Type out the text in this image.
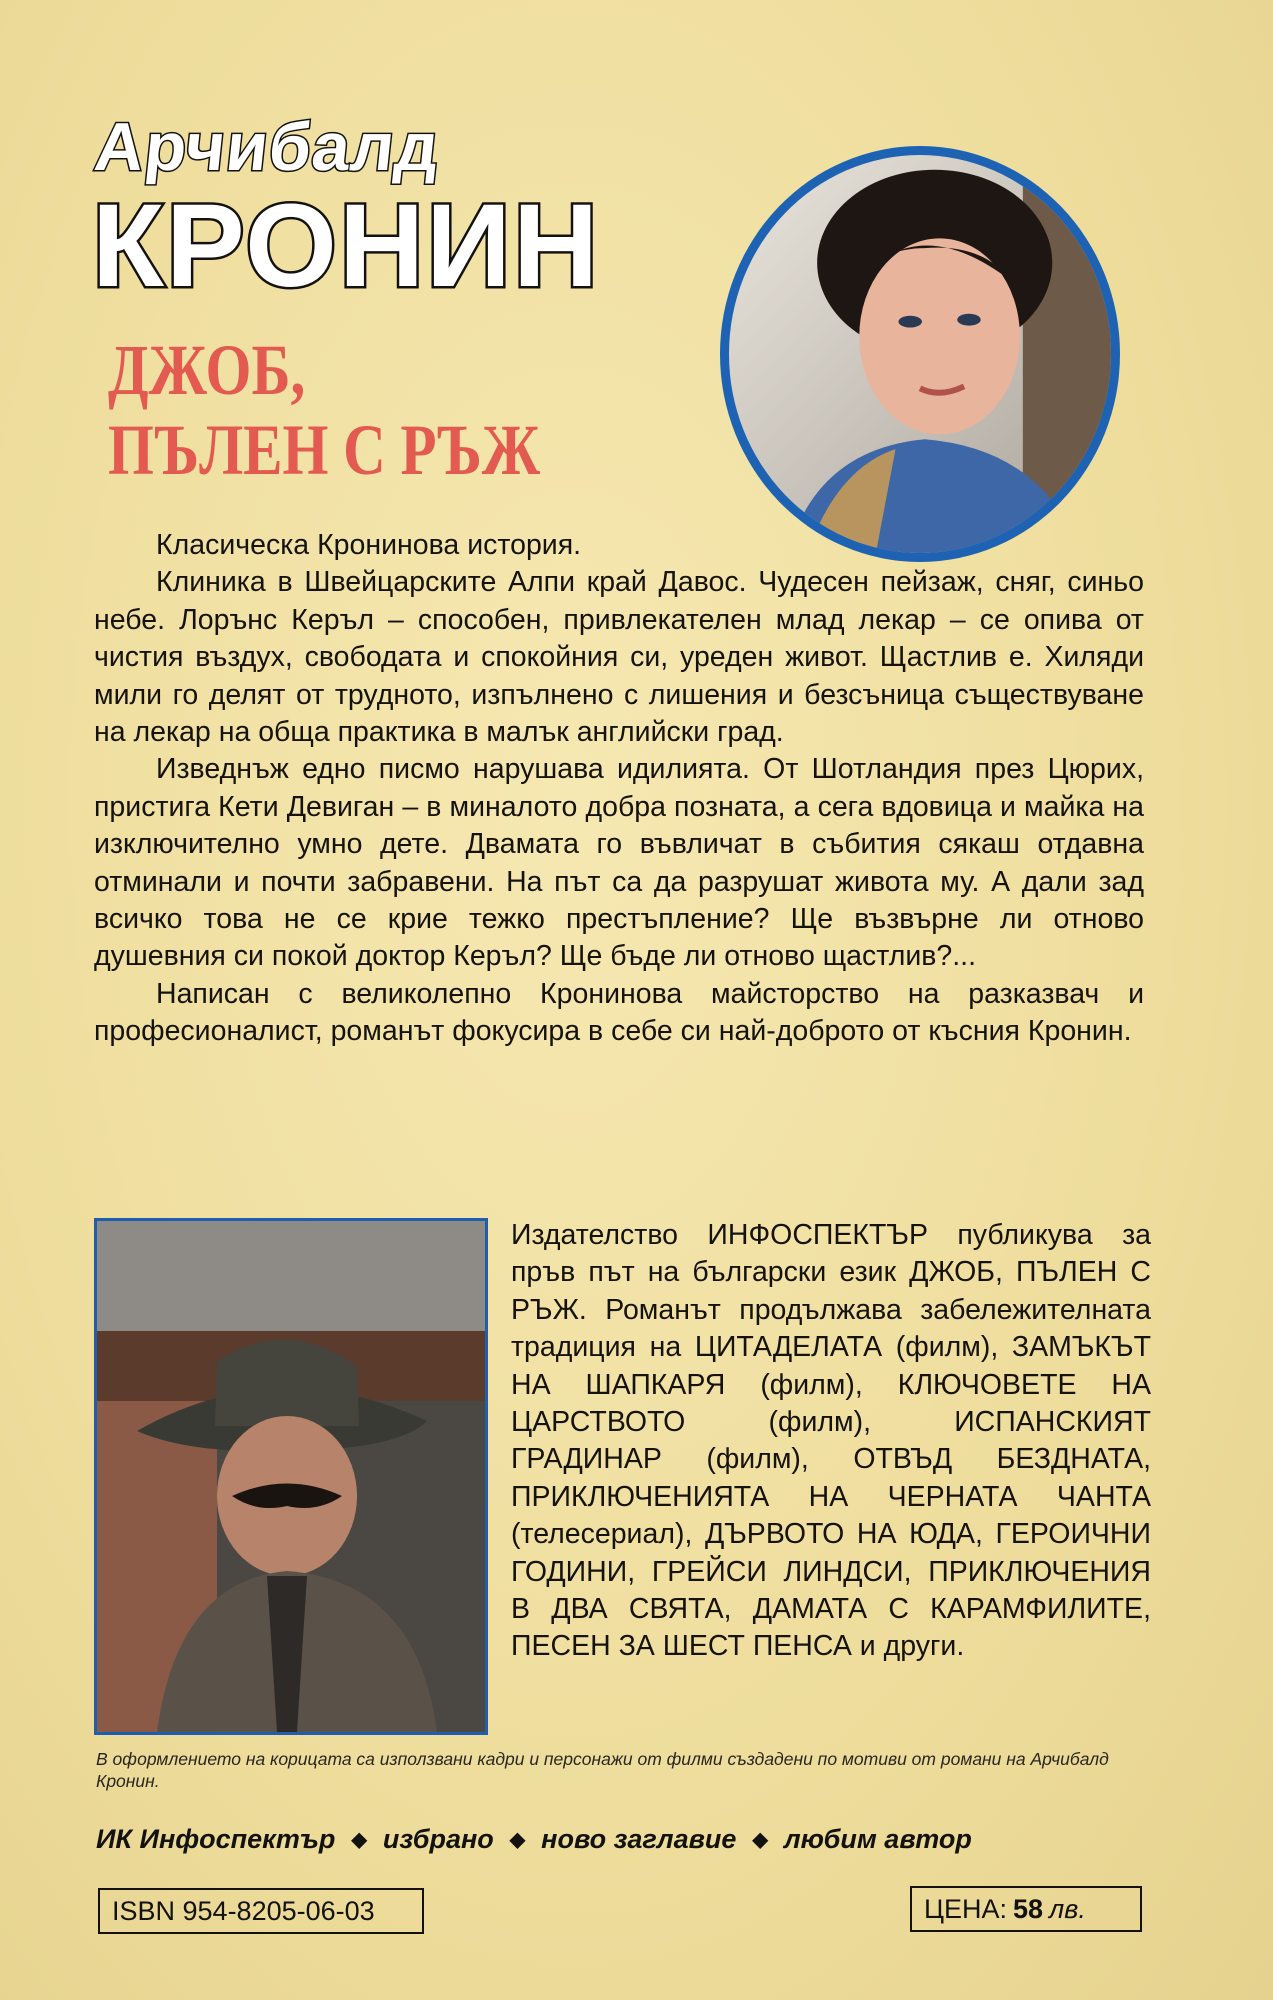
Арчибалд
КРОНИН
ДЖОБ,
ПЪЛЕН С РЪЖ

Класическа Кронинова история.

Клиника в Швейцарските Алпи край Давос. Чудесен пейзаж, сняг, синьо небе. Лорънс Керъл – способен, привлекателен млад лекар – се опива от чистия въздух, свободата и спокойния си, уреден живот. Щастлив е. Хиляди мили го делят от трудното, изпълнено с лишения и безсъница съществуване на лекар на обща практика в малък английски град.

Изведнъж едно писмо нарушава идилията. От Шотландия през Цюрих, пристига Кети Девиган – в миналото добра позната, а сега вдовица и майка на изключително умно дете. Двамата го въвличат в събития сякаш отдавна отминали и почти забравени. На път са да разрушат живота му. А дали зад всичко това не се крие тежко престъпление? Ще възвърне ли отново душевния си покой доктор Керъл? Ще бъде ли отново щастлив?...

Написан с великолепно Кронинова майсторство на разказвач и професионалист, романът фокусира в себе си най-доброто от късния Кронин.

Издателство ИНФОСПЕКТЪР публикува за пръв път на български език ДЖОБ, ПЪЛЕН С РЪЖ. Романът продължава забележителната традиция на ЦИТАДЕЛАТА (филм), ЗАМЪКЪТ НА ШАПКАРЯ (филм), КЛЮЧОВЕТЕ НА ЦАРСТВОТО (филм), ИСПАНСКИЯТ ГРАДИНАР (филм), ОТВЪД БЕЗДНАТА, ПРИКЛЮЧЕНИЯТА НА ЧЕРНАТА ЧАНТА (телесериал), ДЪРВОТО НА ЮДА, ГЕРОИЧНИ ГОДИНИ, ГРЕЙСИ ЛИНДСИ, ПРИКЛЮЧЕНИЯ В ДВА СВЯТА, ДАМАТА С КАРАМФИЛИТЕ, ПЕСЕН ЗА ШЕСТ ПЕНСА и други.

В оформлението на корицата са използвани кадри и персонажи от филми създадени по мотиви от романи на Арчибалд Кронин.
ИК Инфоспектър ◆ избрано ◆ ново заглавие ◆ любим автор
ISBN 954-8205-06-03	ЦЕНА: 58 лв.
